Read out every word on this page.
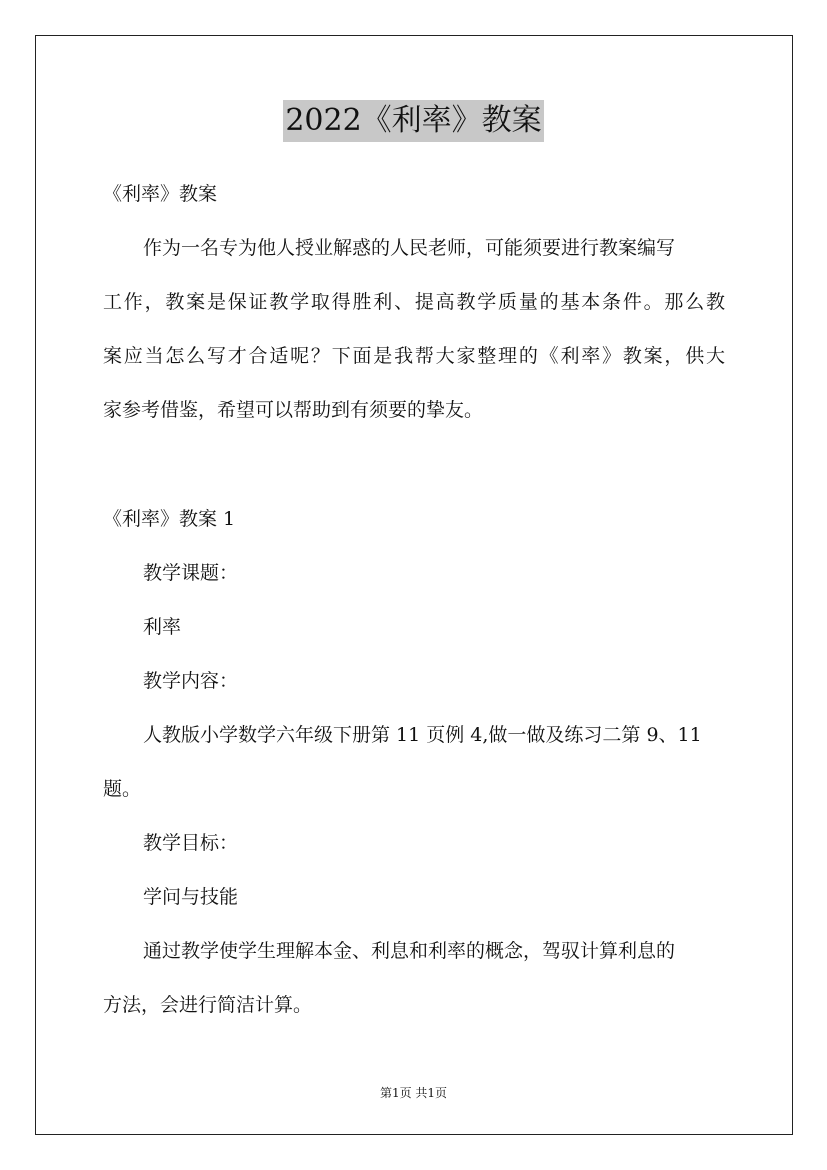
2022《利率》教案
《利率》教案
作为一名专为他人授业解惑的人民老师，可能须要进行教案编写
工作，教案是保证教学取得胜利、提高教学质量的基本条件。那么教
案应当怎么写才合适呢？下面是我帮大家整理的《利率》教案，供大
家参考借鉴，希望可以帮助到有须要的挚友。
《利率》教案 1
教学课题：
利率
教学内容：
人教版小学数学六年级下册第 11 页例 4,做一做及练习二第 9、11
题。
教学目标：
学问与技能
通过教学使学生理解本金、利息和利率的概念，驾驭计算利息的
方法，会进行简洁计算。
第1页 共1页
